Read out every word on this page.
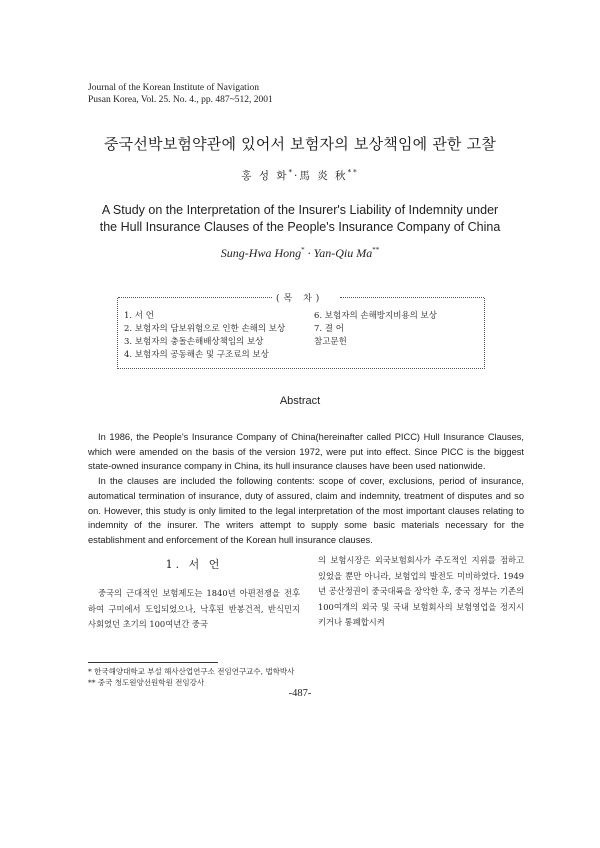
Journal of the Korean Institute of Navigation
Pusan Korea, Vol. 25. No. 4., pp. 487~512, 2001
중국선박보험약관에 있어서 보험자의 보상책임에 관한 고찰
홍 성 화*·馬 炎 秋**
A Study on the Interpretation of the Insurer's Liability of Indemnity under
the Hull Insurance Clauses of the People's Insurance Company of China
Sung-Hwa Hong* · Yan-Qiu Ma**
(목 차)
1. 서 언
2. 보험자의 담보위험으로 인한 손해의 보상
3. 보험자의 충돌손해배상책임의 보상
4. 보험자의 공동해손 및 구조료의 보상
6. 보험자의 손해방지비용의 보상
7. 결 어
참고문헌
Abstract

In 1986, the People's Insurance Company of China(hereinafter called PICC) Hull Insurance Clauses, which were amended on the basis of the version 1972, were put into effect. Since PICC is the biggest state-owned insurance company in China, its hull insurance clauses have been used nationwide.

In the clauses are included the following contents: scope of cover, exclusions, period of insurance, automatical termination of insurance, duty of assured, claim and indemnity, treatment of disputes and so on. However, this study is only limited to the legal interpretation of the most important clauses relating to indemnity of the insurer. The writers attempt to supply some basic materials necessary for the establishment and enforcement of the Korean hull insurance clauses.

1. 서 언

중국의 근대적인 보험제도는 1840년 아편전쟁을 전후하여 구미에서 도입되었으나, 낙후된 반봉건적, 반식민지 사회였던 초기의 100여년간 중국

의 보험시장은 외국보험회사가 주도적인 지위를 점하고 있었을 뿐만 아니라, 보험업의 발전도 미비하였다. 1949년 공산정권이 중국대륙을 장악한 후, 중국 정부는 기존의 100여개의 외국 및 국내 보험회사의 보험영업을 정지시키거나 통폐합시켜

* 한국해양대학교 부설 해사산업연구소 전임연구교수, 법학박사
** 중국 청도원양선원학원 전임강사
-487-
